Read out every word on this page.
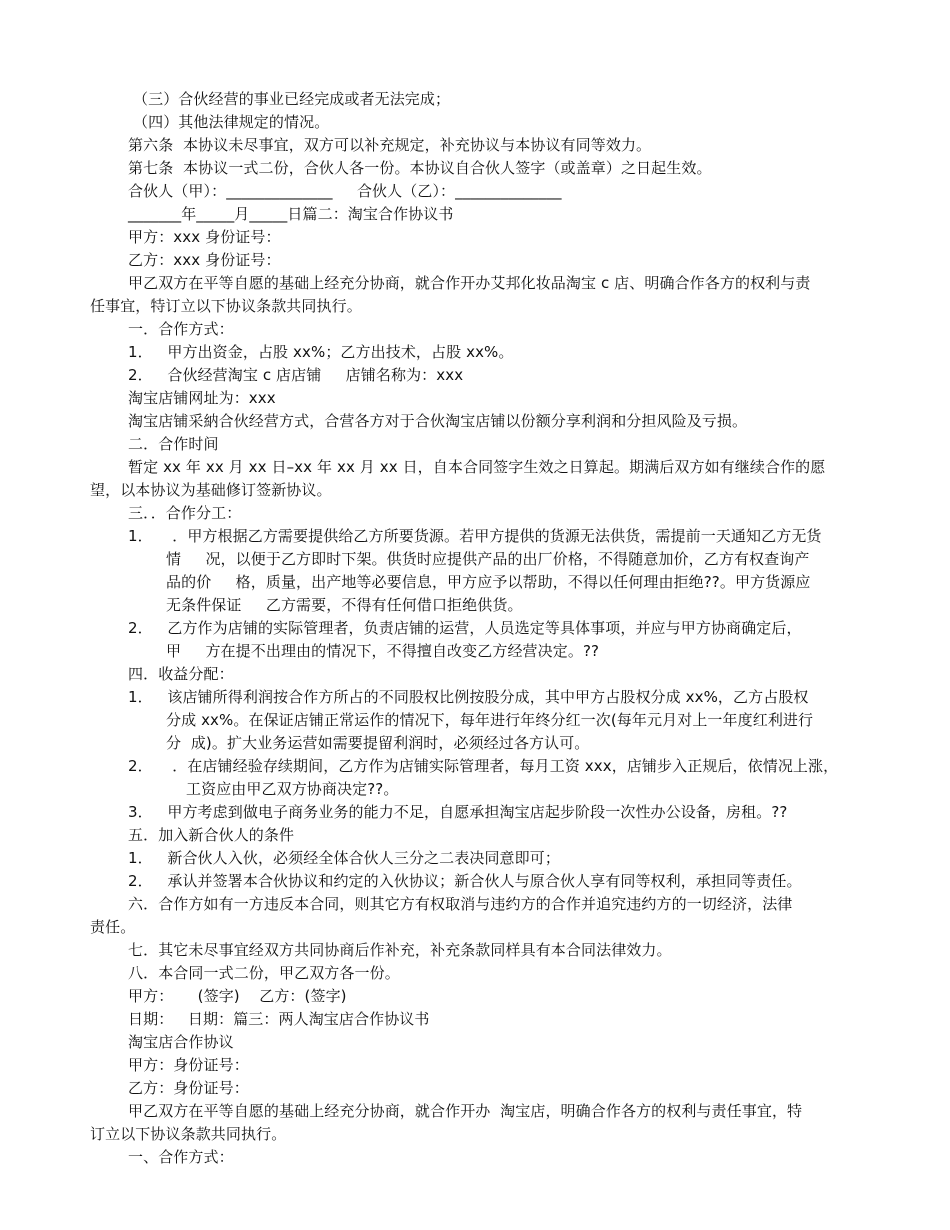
（三）合伙经营的事业已经完成或者无法完成；
（四）其他法律规定的情况。
第六条  本协议未尽事宜，双方可以补充规定，补充协议与本协议有同等效力。
第七条  本协议一式二份，合伙人各一份。本协议自合伙人签字（或盖章）之日起生效。
合伙人（甲）：______________     合伙人（乙）：______________
_______年_____月_____日篇二：淘宝合作协议书
甲方：xxx 身份证号：
乙方：xxx 身份证号：
甲乙双方在平等自愿的基础上经充分协商，就合作开办艾邦化妆品淘宝 c 店、明确合作各方的权利与责
任事宜，特订立以下协议条款共同执行。
一．合作方式：
1．   甲方出资金，占股 xx%；乙方出技术，占股 xx%。
2．   合伙经营淘宝 c 店店铺     店铺名称为：xxx
淘宝店铺网址为：xxx
淘宝店铺采納合伙经营方式，合营各方对于合伙淘宝店铺以份额分享利润和分担风险及亏损。
二．合作时间
暂定 xx 年 xx 月 xx 日–xx 年 xx 月 xx 日，自本合同签字生效之日算起。期满后双方如有继续合作的愿
望，以本协议为基础修订签新协议。
三．．合作分工：
1．    ．甲方根据乙方需要提供给乙方所要货源。若甲方提供的货源无法供货，需提前一天通知乙方无货
情     况，以便于乙方即时下架。供货时应提供产品的出厂价格，不得随意加价，乙方有权查询产
品的价     格，质量，出产地等必要信息，甲方应予以帮助，不得以任何理由拒绝??。甲方货源应
无条件保证     乙方需要，不得有任何借口拒绝供货。
2．   乙方作为店铺的实际管理者，负责店铺的运营，人员选定等具体事项，并应与甲方协商确定后，
甲     方在提不出理由的情况下，不得擅自改变乙方经营决定。??
四．收益分配：
1．   该店铺所得利润按合作方所占的不同股权比例按股分成，其中甲方占股权分成 xx%，乙方占股权
分成 xx%。在保证店铺正常运作的情况下，每年进行年终分红一次(每年元月对上一年度红利进行
分  成)。扩大业务运营如需要提留利润时，必须经过各方认可。
2．    ．在店铺经验存续期间，乙方作为店铺实际管理者，每月工资 xxx，店铺步入正规后，依情况上涨，
工资应由甲乙双方协商决定??。
3．   甲方考虑到做电子商务业务的能力不足，自愿承担淘宝店起步阶段一次性办公设备，房租。??
五．加入新合伙人的条件
1．   新合伙人入伙，必须经全体合伙人三分之二表决同意即可；
2．   承认并签署本合伙协议和约定的入伙协议；新合伙人与原合伙人享有同等权利，承担同等责任。
六．合作方如有一方违反本合同，则其它方有权取消与违约方的合作并追究违约方的一切经济，法律
责任。
七．其它未尽事宜经双方共同协商后作补充，补充条款同样具有本合同法律效力。
八．本合同一式二份，甲乙双方各一份。
甲方：     (签字)    乙方：(签字)
日期：   日期：篇三：两人淘宝店合作协议书
淘宝店合作协议
甲方：身份证号：
乙方：身份证号：
甲乙双方在平等自愿的基础上经充分协商，就合作开办  淘宝店，明确合作各方的权利与责任事宜，特
订立以下协议条款共同执行。
一、合作方式：
